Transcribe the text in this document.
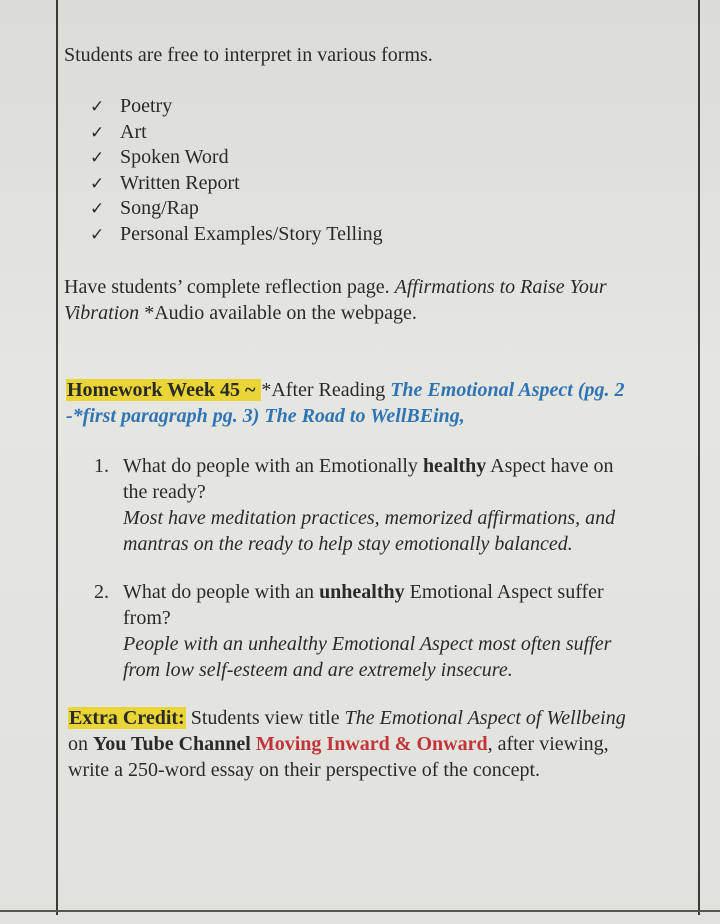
Students are free to interpret in various forms.
✓ Poetry
✓ Art
✓ Spoken Word
✓ Written Report
✓ Song/Rap
✓ Personal Examples/Story Telling
Have students’ complete reflection page. Affirmations to Raise Your
Vibration *Audio available on the webpage.
Homework Week 45 ~ *After Reading The Emotional Aspect (pg. 2
-*first paragraph pg. 3) The Road to WellBEing,
1. What do people with an Emotionally healthy Aspect have on
the ready?
Most have meditation practices, memorized affirmations, and
mantras on the ready to help stay emotionally balanced.
2. What do people with an unhealthy Emotional Aspect suffer
from?
People with an unhealthy Emotional Aspect most often suffer
from low self-esteem and are extremely insecure.
Extra Credit: Students view title The Emotional Aspect of Wellbeing
on You Tube Channel Moving Inward & Onward, after viewing,
write a 250-word essay on their perspective of the concept.
